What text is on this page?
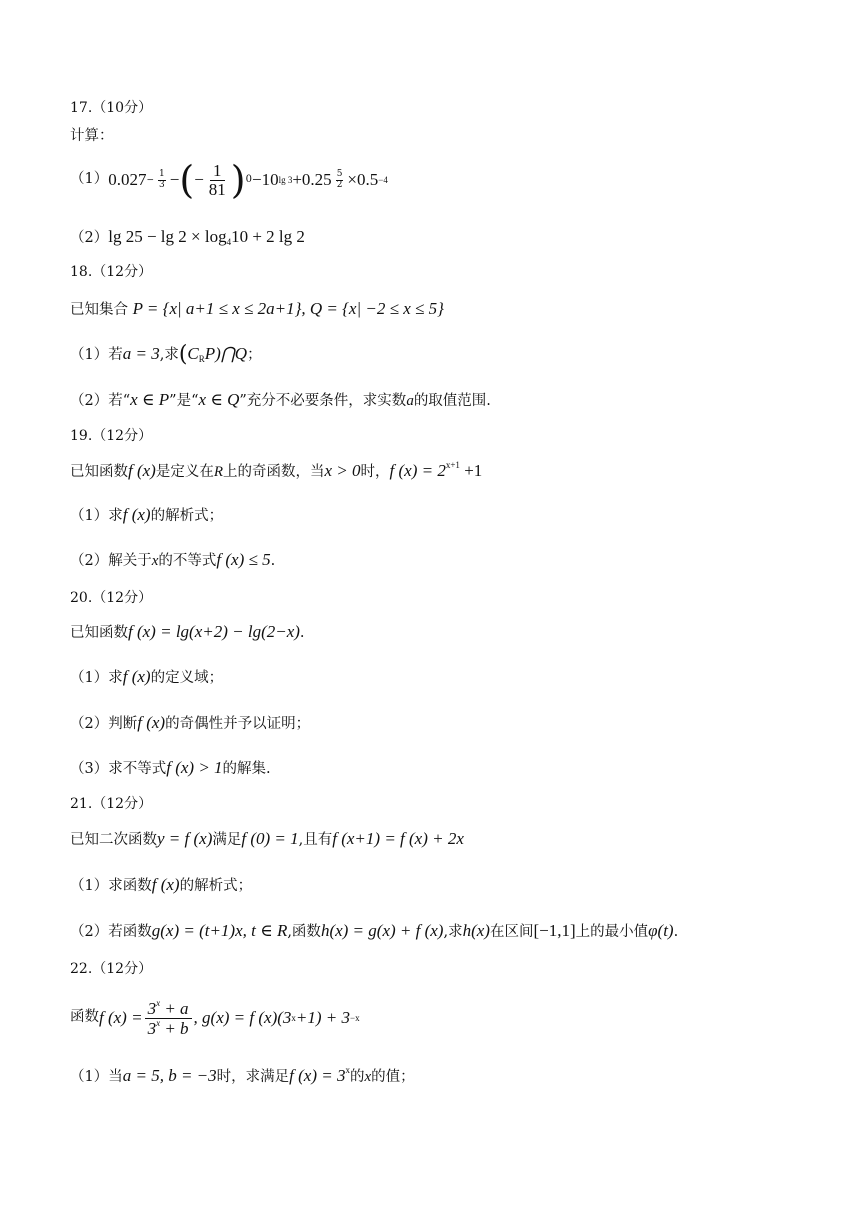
17.（10分）
计算：
（1） $0.027 - \frac{1}{3}$ − ( − $\frac{1}{81}$ ) 0 −10 $\lg 3 +0.25 \frac{5}{2} \times 0.5 -4$
（2）lg $25 - \lg 2 \times \log_410 + 2$ lg 2
18.（12分）
已知集合 P = {x| a+1 ≤ x ≤ 2a+1}, Q = {x| −2 ≤ x ≤ 5}
（1）若a = 3,求$(C_RP)⋂Q$；
（2）若“x ∈ P”是“x ∈ Q”充分不必要条件，求实数a的取值范围.
19.（12分）
已知函数f (x)是定义在R上的奇函数，当x > 0时，f $(x) = 2^{x+1} +1$
（1）求f (x)的解析式；
（2）解关于x的不等式f (x) ≤ 5.
20.（12分）
已知函数f (x) = lg(x+2) − lg(2−x).
（1）求f (x)的定义域；
（2）判断f (x)的奇偶性并予以证明；
（3）求不等式f (x) > 1的解集.
21.（12分）
已知二次函数y = f (x)满足f (0) = 1,且有f (x+1) = f (x) + 2x
（1）求函数f (x)的解析式；
（2）若函数g(x) = (t+1)x, t ∈ R,函数h(x) = g(x) + f (x),求h(x)在区间[−1,1]上的最小值φ(t).
22.（12分）
函数 f $(x) = \frac{3^x + a}{3^x + b}$ , g(x) = f (x)(3 x +1) + 3 −x
（1）当a = 5, b = −3时，求满足f $(x) = 3^x$的x的值；
